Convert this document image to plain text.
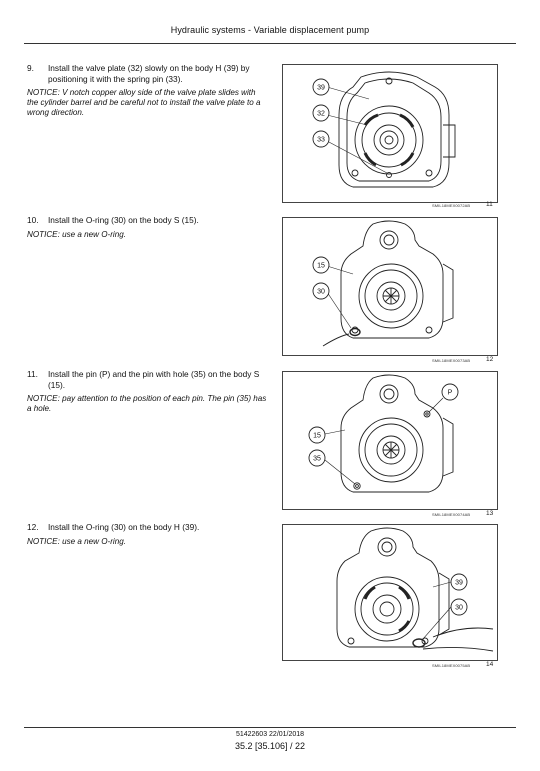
Hydraulic systems - Variable displacement pump
9.	Install the valve plate (32) slowly on the body H (39) by positioning it with the spring pin (33).
NOTICE: V notch copper alloy side of the valve plate slides with the cylinder barrel and be careful not to install the valve plate to a wrong direction.
39
32
33
SMIL18MEX0072AB 11
10.	Install the O-ring (30) on the body S (15).
NOTICE: use a new O-ring.
15
30
SMIL18MEX0073AB 12
11.	Install the pin (P) and the pin with hole (35) on the body S (15).
NOTICE: pay attention to the position of each pin. The pin (35) has a hole.
P
15
35
SMIL18MEX0074AB 13
12.	Install the O-ring (30) on the body H (39).
NOTICE: use a new O-ring.
39
30
SMIL18MEX0075AB 14
51422603 22/01/2018
35.2 [35.106] / 22
